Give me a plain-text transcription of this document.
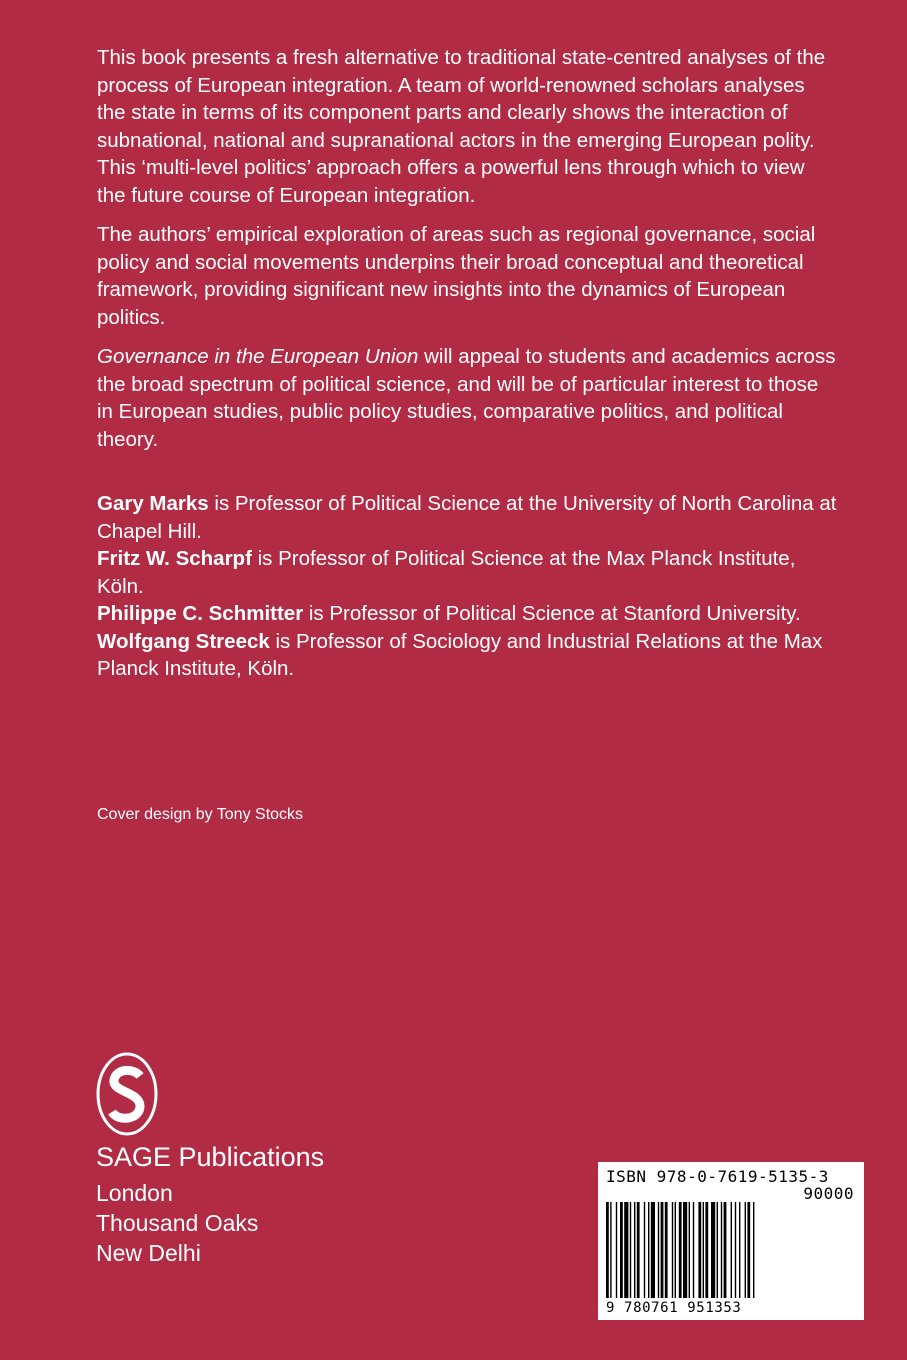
This book presents a fresh alternative to traditional state-centred analyses of the process of European integration. A team of world-renowned scholars analyses the state in terms of its component parts and clearly shows the interaction of subnational, national and supranational actors in the emerging European polity. This ‘multi-level politics’ approach offers a powerful lens through which to view the future course of European integration.

The authors’ empirical exploration of areas such as regional governance, social policy and social movements underpins their broad conceptual and theoretical framework, providing significant new insights into the dynamics of European politics.

Governance in the European Union will appeal to students and academics across the broad spectrum of political science, and will be of particular interest to those in European studies, public policy studies, comparative politics, and political theory.

Gary Marks is Professor of Political Science at the University of North Carolina at Chapel Hill.

Fritz W. Scharpf is Professor of Political Science at the Max Planck Institute, Köln.

Philippe C. Schmitter is Professor of Political Science at Stanford University.

Wolfgang Streeck is Professor of Sociology and Industrial Relations at the Max Planck Institute, Köln.

Cover design by Tony Stocks
SAGE Publications
London
Thousand Oaks
New Delhi
ISBN 978-0-7619-5135-3
90000
9 780761 951353
